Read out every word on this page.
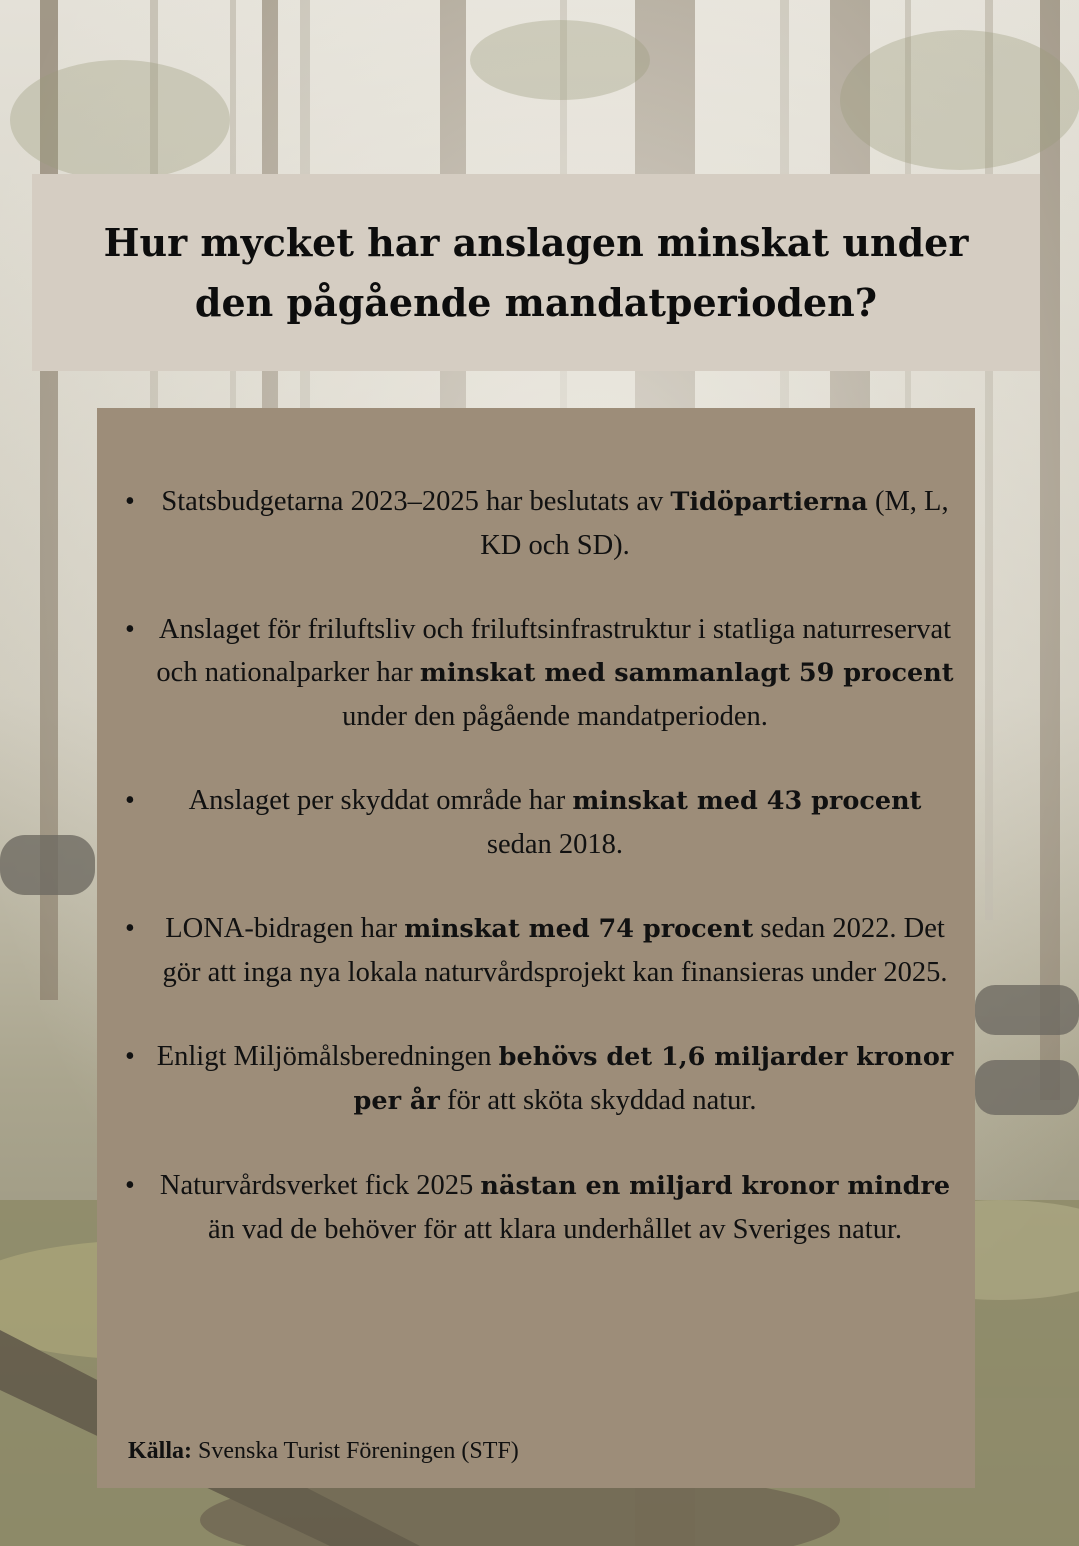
Hur mycket har anslagen minskat under den pågående mandatperioden?
• Statsbudgetarna 2023–2025 har beslutats av Tidöpartierna (M, L, KD och SD).
• Anslaget för friluftsliv och friluftsinfrastruktur i statliga naturreservat och nationalparker har minskat med sammanlagt 59 procent under den pågående mandatperioden.
• Anslaget per skyddat område har minskat med 43 procent sedan 2018.
• LONA-bidragen har minskat med 74 procent sedan 2022. Det gör att inga nya lokala naturvårdsprojekt kan finansieras under 2025.
• Enligt Miljömålsberedningen behövs det 1,6 miljarder kronor per år för att sköta skyddad natur.
• Naturvårdsverket fick 2025 nästan en miljard kronor mindre än vad de behöver för att klara underhållet av Sveriges natur.
Källa: Svenska Turist Föreningen (STF)
